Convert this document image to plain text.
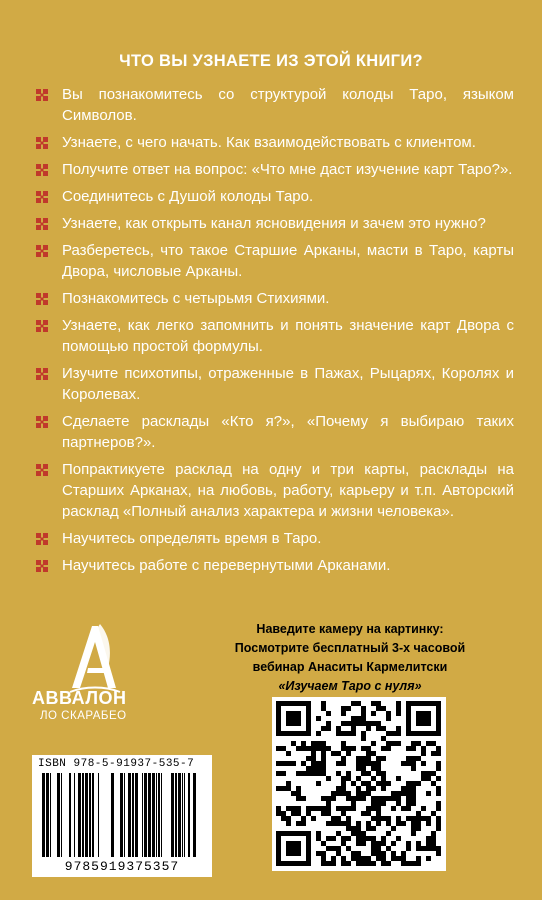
ЧТО ВЫ УЗНАЕТЕ ИЗ ЭТОЙ КНИГИ?
Вы познакомитесь со структурой колоды Таро, языком Символов.
Узнаете, с чего начать. Как взаимодействовать с клиентом.
Получите ответ на вопрос: «Что мне даст изучение карт Таро?».
Соединитесь с Душой колоды Таро.
Узнаете, как открыть канал ясновидения и зачем это нужно?
Разберетесь, что такое Старшие Арканы, масти в Таро, карты Двора, числовые Арканы.
Познакомитесь с четырьмя Стихиями.
Узнаете, как легко запомнить и понять значение карт Двора с помощью простой формулы.
Изучите психотипы, отраженные в Пажах, Рыцарях, Королях и Королевах.
Сделаете расклады «Кто я?», «Почему я выбираю таких партнеров?».
Попрактикуете расклад на одну и три карты, расклады на Старших Арканах, на любовь, работу, карьеру и т.п. Авторский расклад «Полный анализ характера и жизни человека».
Научитесь определять время в Таро.
Научитесь работе с перевернутыми Арканами.
АВВАЛОН
ЛО СКАРАБЕО
Наведите камеру на картинку:
Посмотрите бесплатный 3-х часовой
вебинар Анаситы Кармелитски
«Изучаем Таро с нуля»
ISBN 978-5-91937-535-7
9785919375357
